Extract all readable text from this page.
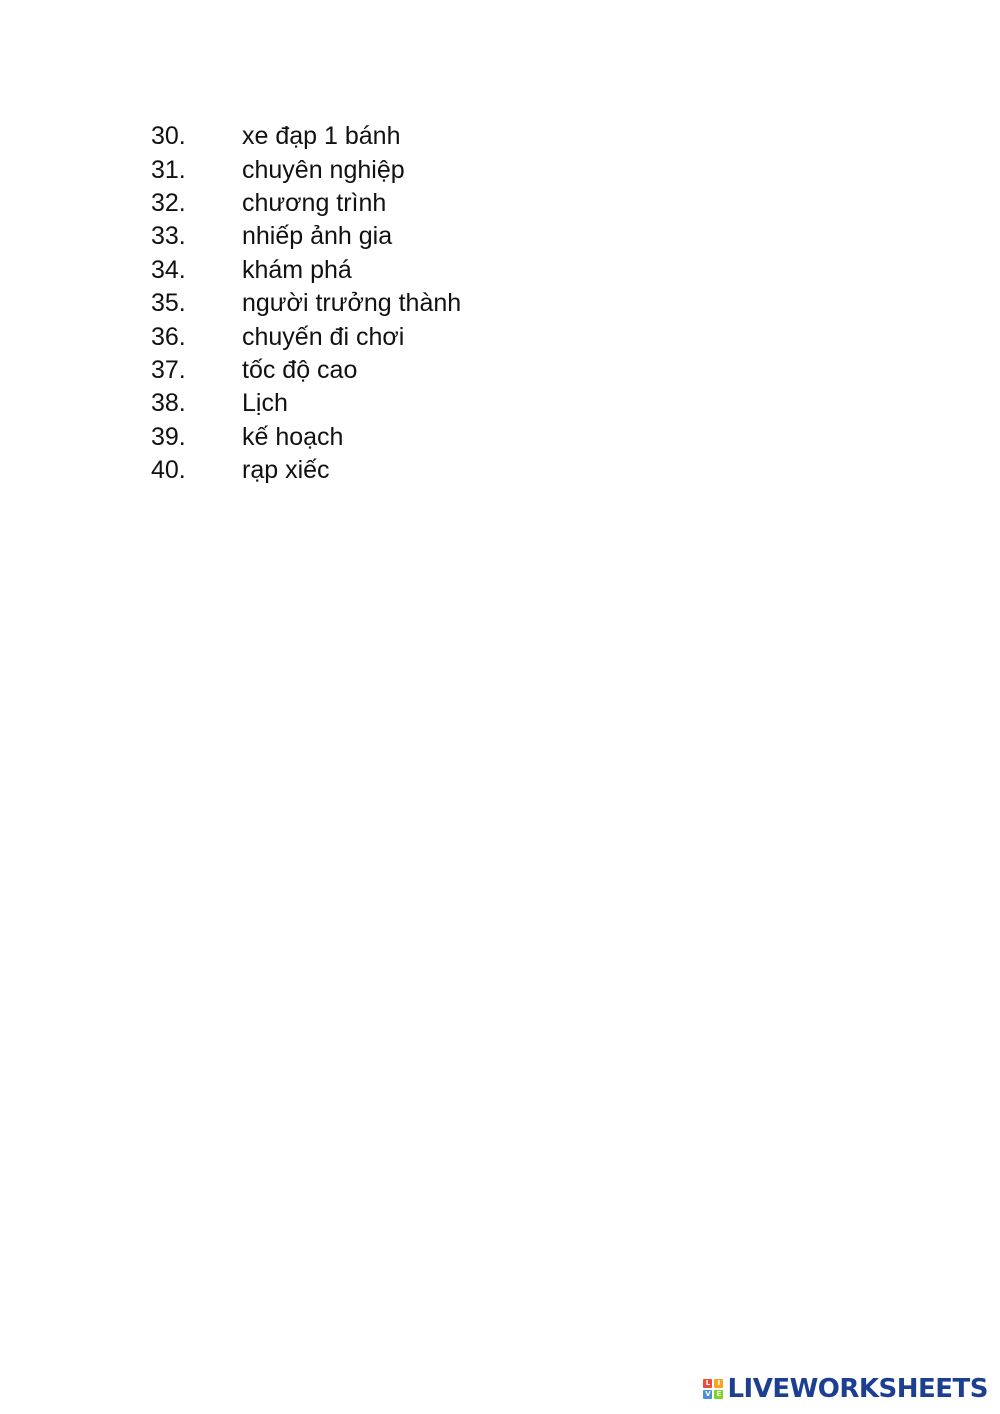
30.	xe đạp 1 bánh
31.	chuyên nghiệp
32.	chương trình
33.	nhiếp ảnh gia
34.	khám phá
35.	người trưởng thành
36.	chuyến đi chơi
37.	tốc độ cao
38.	Lịch
39.	kế hoạch
40.	rạp xiếc
L	I
V E LIVEWORKSHEETS
